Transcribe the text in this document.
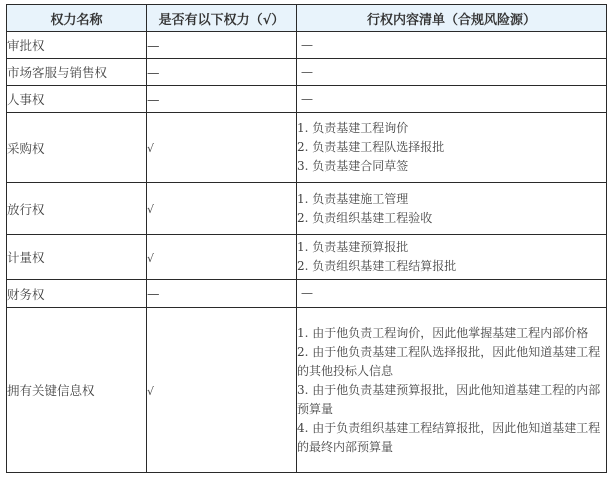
权力名称	是否有以下权力（√）	行权内容清单（合规风险源）
审批权	—	—

市场客服与销售权	—	—

人事权	—	—

采购权	√	1. 负责基建工程询价
2. 负责基建工程队选择报批
3. 负责基建合同草签

放行权	√	1. 负责基建施工管理
2. 负责组织基建工程验收

计量权	√	1. 负责基建预算报批
2. 负责组织基建工程结算报批

财务权	—	—

拥有关键信息权	√	1. 由于他负责工程询价，因此他掌握基建工程内部价格
2. 由于他负责基建工程队选择报批，因此他知道基建工程的其他投标人信息
3. 由于他负责基建预算报批，因此他知道基建工程的内部预算量
4. 由于负责组织基建工程结算报批，因此他知道基建工程的最终内部预算量
